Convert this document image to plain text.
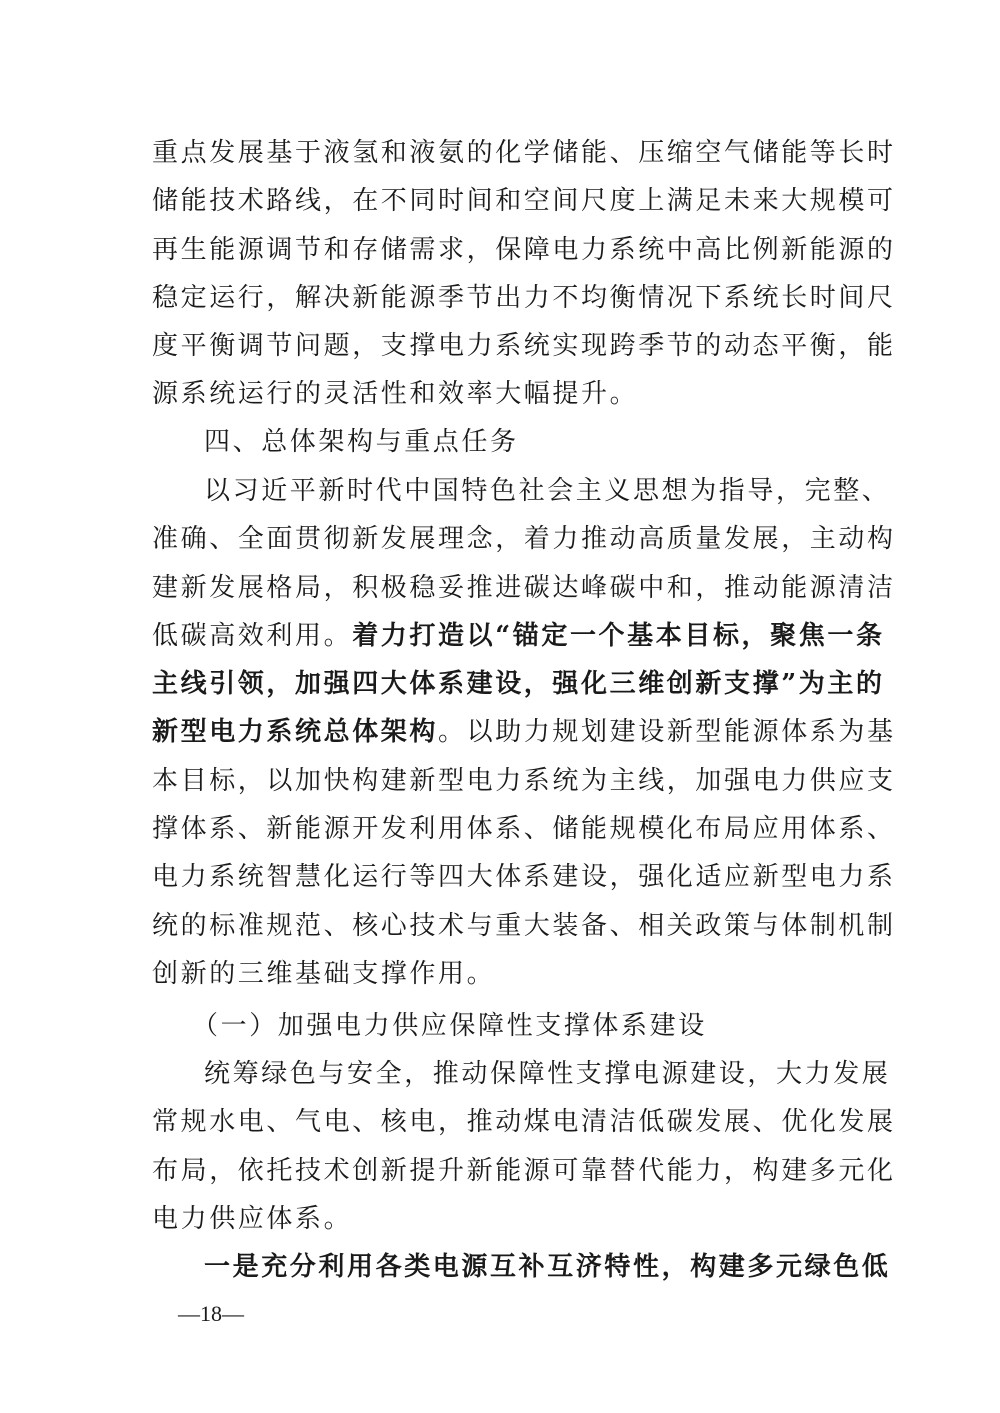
重点发展基于液氢和液氨的化学储能、压缩空气储能等长时
储能技术路线，在不同时间和空间尺度上满足未来大规模可
再生能源调节和存储需求，保障电力系统中高比例新能源的
稳定运行，解决新能源季节出力不均衡情况下系统长时间尺
度平衡调节问题，支撑电力系统实现跨季节的动态平衡，能
源系统运行的灵活性和效率大幅提升。
四、总体架构与重点任务
以习近平新时代中国特色社会主义思想为指导，完整、
准确、全面贯彻新发展理念，着力推动高质量发展，主动构
建新发展格局，积极稳妥推进碳达峰碳中和，推动能源清洁
低碳高效利用。着力打造以“锚定一个基本目标，聚焦一条
主线引领，加强四大体系建设，强化三维创新支撑”为主的
新型电力系统总体架构。以助力规划建设新型能源体系为基
本目标，以加快构建新型电力系统为主线，加强电力供应支
撑体系、新能源开发利用体系、储能规模化布局应用体系、
电力系统智慧化运行等四大体系建设，强化适应新型电力系
统的标准规范、核心技术与重大装备、相关政策与体制机制
创新的三维基础支撑作用。
（一）加强电力供应保障性支撑体系建设
统筹绿色与安全，推动保障性支撑电源建设，大力发展
常规水电、气电、核电，推动煤电清洁低碳发展、优化发展
布局，依托技术创新提升新能源可靠替代能力，构建多元化
电力供应体系。
一是充分利用各类电源互补互济特性，构建多元绿色低
—18—
